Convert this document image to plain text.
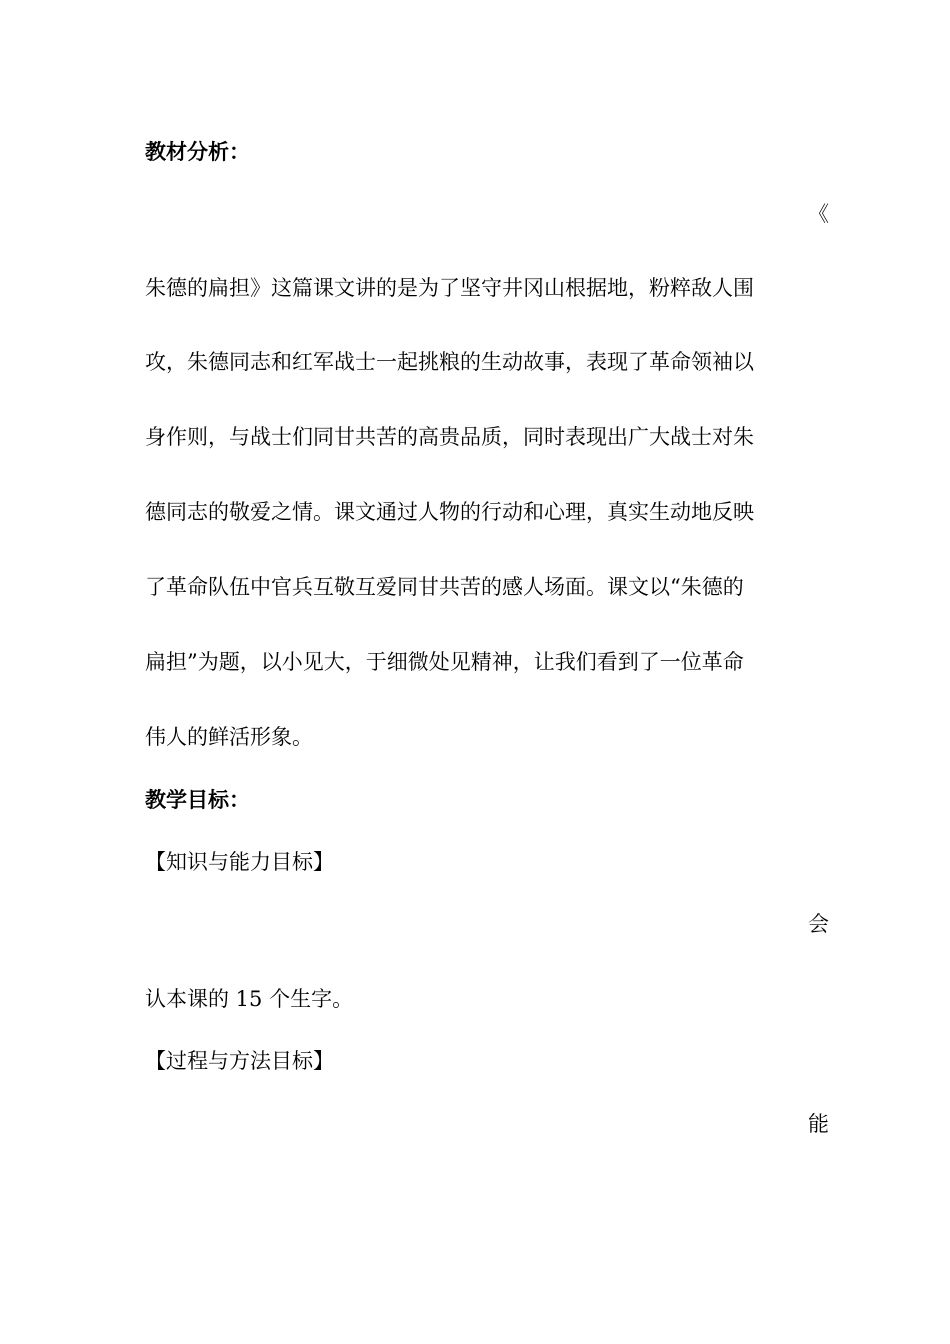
教材分析：
《
朱德的扁担》这篇课文讲的是为了坚守井冈山根据地，粉粹敌人围
攻，朱德同志和红军战士一起挑粮的生动故事，表现了革命领袖以
身作则，与战士们同甘共苦的高贵品质，同时表现出广大战士对朱
德同志的敬爱之情。课文通过人物的行动和心理，真实生动地反映
了革命队伍中官兵互敬互爱同甘共苦的感人场面。课文以“朱德的
扁担”为题，以小见大，于细微处见精神，让我们看到了一位革命
伟人的鲜活形象。
教学目标：
【知识与能力目标】
会
认本课的 15 个生字。
【过程与方法目标】
能
